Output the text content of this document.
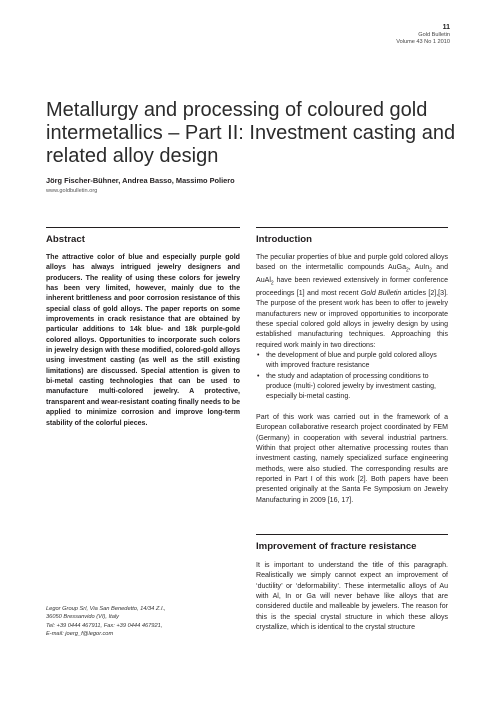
11
Gold Bulletin
Volume 43 No 1 2010
Metallurgy and processing of coloured gold intermetallics – Part II: Investment casting and related alloy design
Jörg Fischer-Bühner, Andrea Basso, Massimo Poliero
www.goldbulletin.org
Abstract
The attractive color of blue and especially purple gold alloys has always intrigued jewelry designers and producers. The reality of using these colors for jewelry has been very limited, however, mainly due to the inherent brittleness and poor corrosion resistance of this special class of gold alloys. The paper reports on some improvements in crack resistance that are obtained by particular additions to 14k blue- and 18k purple-gold colored alloys. Opportunities to incorporate such colors in jewelry design with these modified, colored-gold alloys using investment casting (as well as the still existing limitations) are discussed. Special attention is given to bi-metal casting technologies that can be used to manufacture multi-colored jewelry. A protective, transparent and wear-resistant coating finally needs to be applied to minimize corrosion and improve long-term stability of the colorful pieces.
Legor Group Srl, Via San Benedetto, 14/34 Z.I.,
36050 Bressanvido (VI), Italy
Tel: +39 0444 467911, Fax: +39 0444 467921,
E-mail: joerg_f@legor.com
Introduction

The peculiar properties of blue and purple gold colored alloys based on the intermetallic compounds AuGa$_2$, AuIn$_2$ and AuAl$_2$ have been reviewed extensively in former conference proceedings [1] and most recent Gold Bulletin articles [2],[3]. The purpose of the present work has been to offer to jewelry manufacturers new or improved opportunities to incorporate these special colored gold alloys in jewelry design by using established manufacturing techniques. Approaching this required work mainly in two directions:

• the development of blue and purple gold colored alloys with improved fracture resistance
• the study and adaptation of processing conditions to produce (multi-) colored jewelry by investment casting, especially bi-metal casting.

Part of this work was carried out in the framework of a European collaborative research project coordinated by FEM (Germany) in cooperation with several industrial partners. Within that project other alternative processing routes than investment casting, namely specialized surface engineering methods, were also studied. The corresponding results are reported in Part I of this work [2]. Both papers have been presented originally at the Santa Fe Symposium on Jewelry Manufacturing in 2009 [16, 17].

Improvement of fracture resistance
It is important to understand the title of this paragraph. Realistically we simply cannot expect an improvement of ‘ductility’ or ‘deformability’. These intermetallic alloys of Au with Al, In or Ga will never behave like alloys that are considered ductile and malleable by jewelers. The reason for this is the special crystal structure in which these alloys crystallize, which is identical to the crystal structure
